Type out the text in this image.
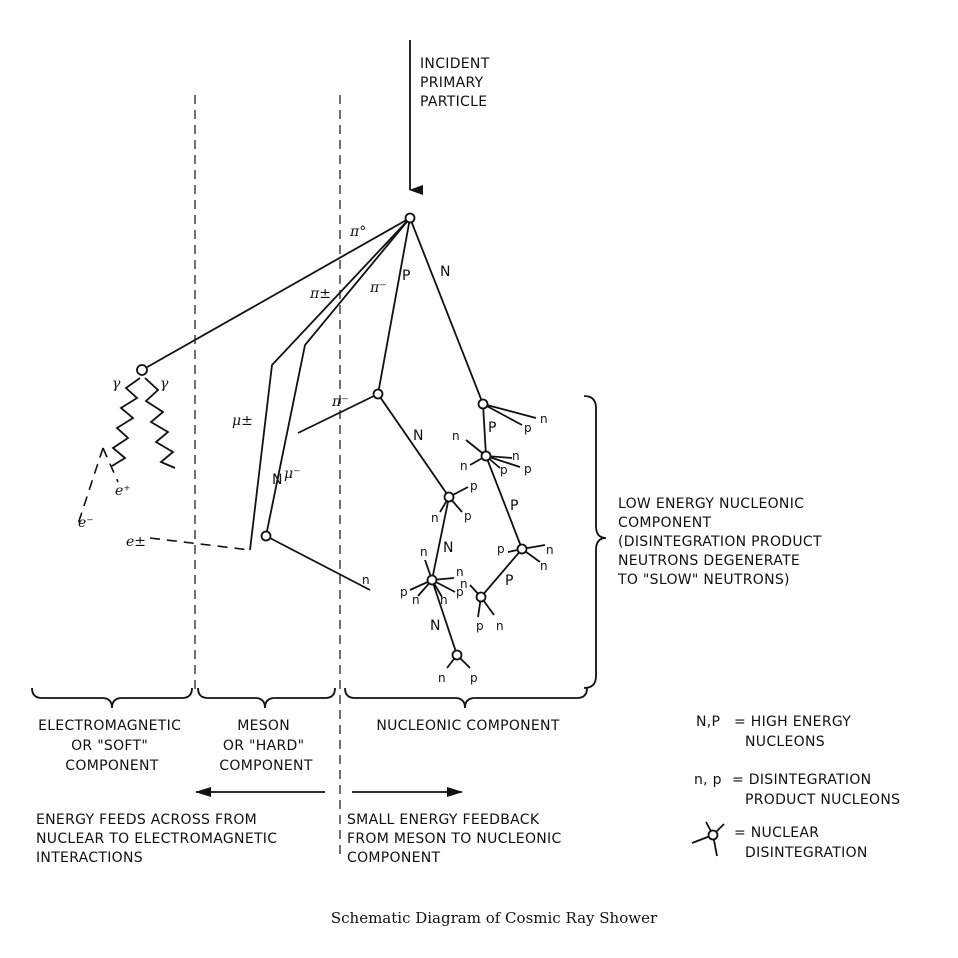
INCIDENT PRIMARY PARTICLE
π°
π±	π⁻
P N
γ	γ
μ±
π⁻
N μ⁻
e⁺
e⁻
e±
n
N	P
P
N
P
N
n
p
n
n
n
p
p
p
p
n
n
p
n n
p
n
p	n
n
n
p n
n p
LOW ENERGY NUCLEONIC COMPONENT (DISINTEGRATION PRODUCT NEUTRONS DEGENERATE TO "SLOW" NEUTRONS)
ELECTROMAGNETIC OR "SOFT" COMPONENT
MESON OR "HARD" COMPONENT
NUCLEONIC COMPONENT	N,P = HIGH ENERGY NUCLEONS
n, p = DISINTEGRATION PRODUCT NUCLEONS
= NUCLEAR DISINTEGRATION
ENERGY FEEDS ACROSS FROM NUCLEAR TO ELECTROMAGNETIC INTERACTIONS
SMALL ENERGY FEEDBACK FROM MESON TO NUCLEONIC COMPONENT
Schematic Diagram of Cosmic Ray Shower
